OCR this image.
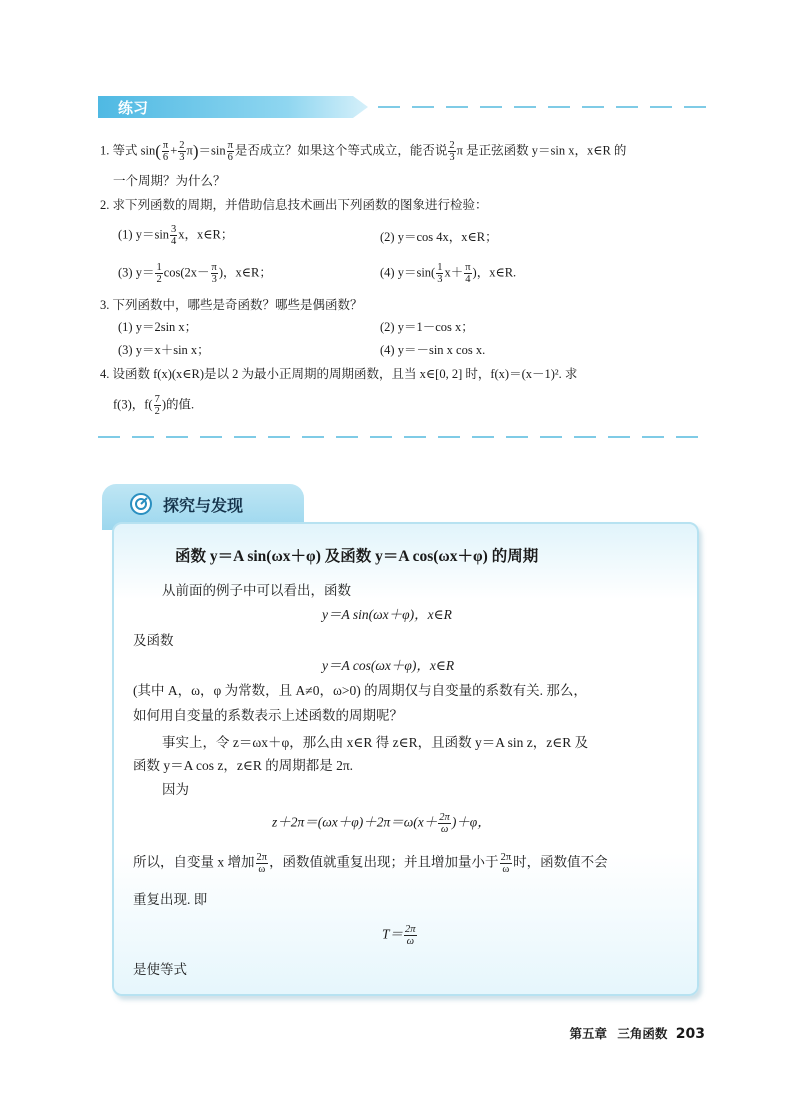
练习
1. 等式 $\sin( \frac{\pi}{6} + \frac{2}{3} \pi)=\sin \frac{\pi}{6}$ 是否成立？如果这个等式成立，能否说 $\frac{2}{3}$ π 是正弦函数 y＝sin x，x∈R 的
一个周期？为什么？
2. 求下列函数的周期，并借助信息技术画出下列函数的图象进行检验：
(1) $y=\sin \frac{3}{4}$ x，x∈R；	(2) y＝cos 4x，x∈R；
(3) $y= \frac{1}{2} \cos(2x- \frac{\pi}{3}$ )，x∈R；	(4) $y=\sin( \frac{1}{3} x+ \frac{\pi}{4}$ )，x∈R.
3. 下列函数中，哪些是奇函数？哪些是偶函数？
(1) y＝2sin x；	(2) y＝1－cos x；
(3) y＝x＋sin x；	(4) y＝－sin x cos x.
4. 设函数 f(x)(x∈R)是以 2 为最小正周期的周期函数，且当 x∈[0, 2] 时，f(x)＝(x－1)². 求
f(3)，$f( \frac{7}{2}$ )的值.
探究与发现
函数 y＝A sin(ωx＋φ) 及函数 y＝A cos(ωx＋φ) 的周期
从前面的例子中可以看出，函数
y＝A sin(ωx＋φ)，x∈R
及函数
y＝A cos(ωx＋φ)，x∈R
(其中 A，ω，φ 为常数，且 A≠0，ω>0) 的周期仅与自变量的系数有关. 那么，
如何用自变量的系数表示上述函数的周期呢？
事实上，令 z＝ωx＋φ，那么由 x∈R 得 z∈R，且函数 y＝A sin z，z∈R 及
函数 y＝A cos z，z∈R 的周期都是 2π.
因为
$z+2\pi=(\omega x+\varphi)+2\pi=\omega(x+ \frac{2\pi}{\omega} )+\varphi$，
所以，自变量 x 增加 $\frac{2\pi}{\omega}$ ，函数值就重复出现；并且增加量小于 $\frac{2\pi}{\omega}$ 时，函数值不会
重复出现. 即
$T= \frac{2\pi}{\omega}$
是使等式
第五章 三角函数 203
